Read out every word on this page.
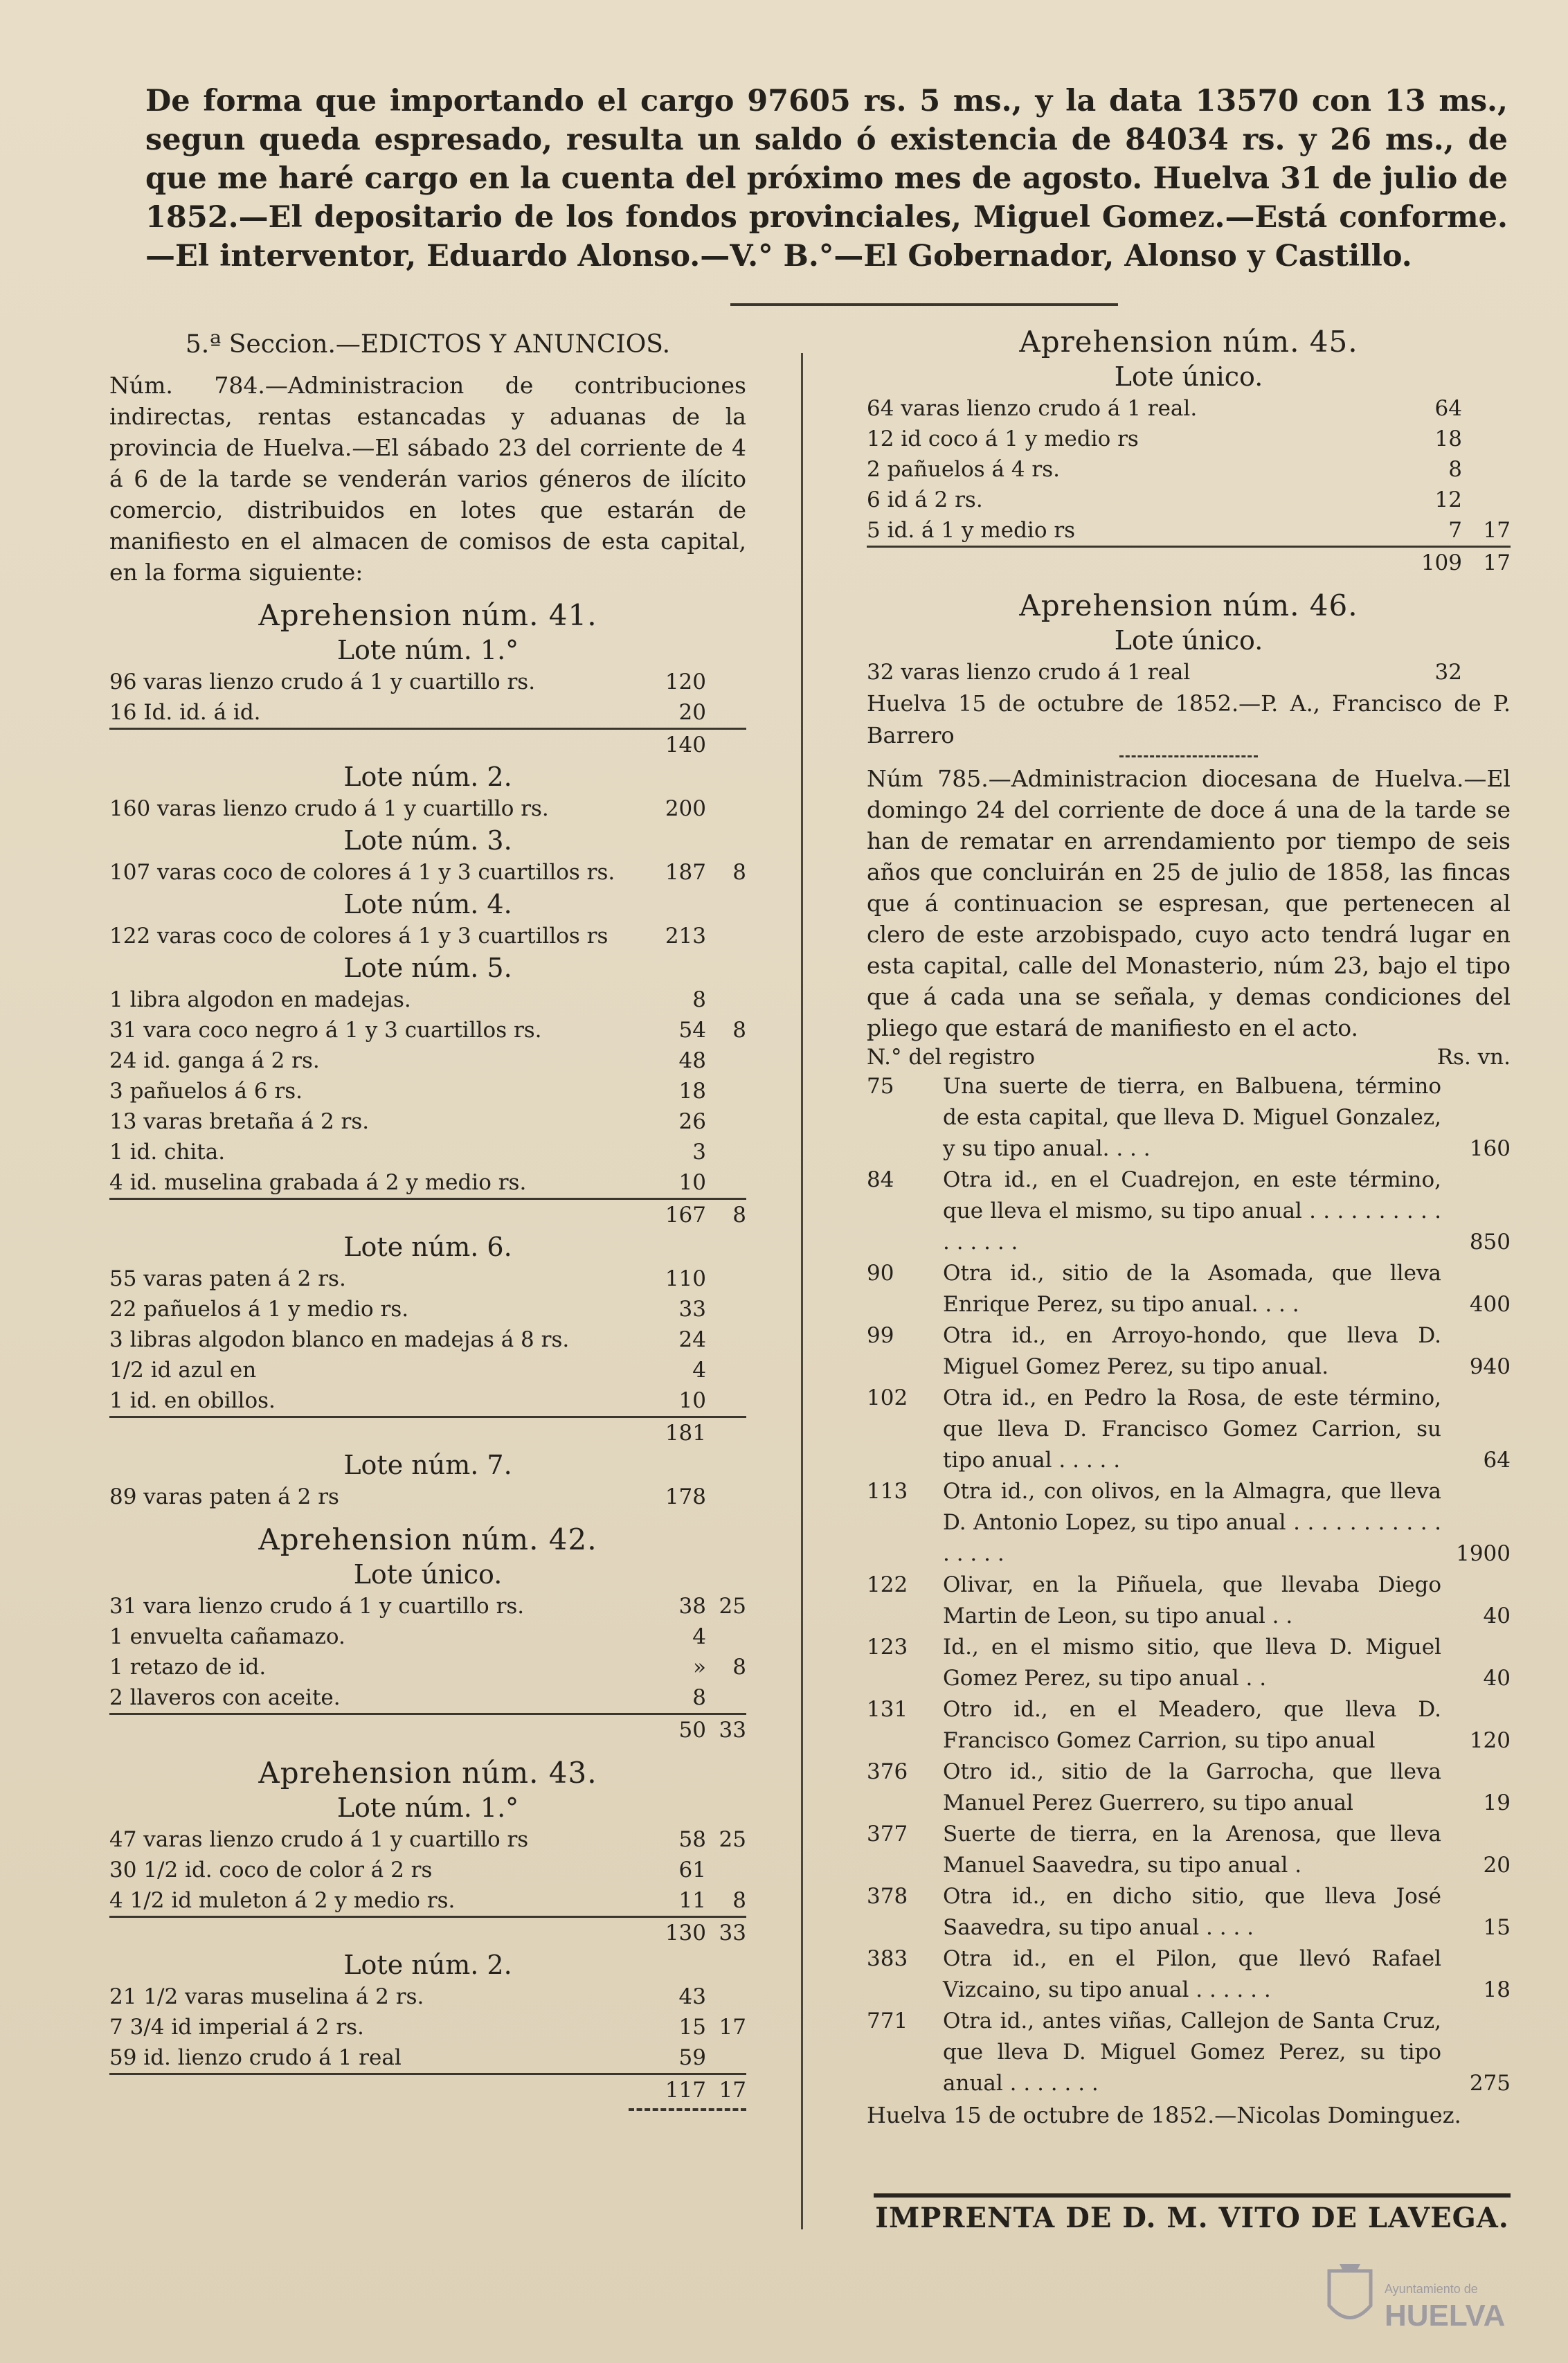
De forma que importando el cargo 97605 rs. 5 ms., y la data 13570 con 13 ms., segun queda espresado, resulta un saldo ó existencia de 84034 rs. y 26 ms., de que me haré cargo en la cuenta del próximo mes de agosto. Huelva 31 de julio de 1852.—El depositario de los fondos provinciales, Miguel Gomez.—Está conforme.—El interventor, Eduardo Alonso.—V.° B.°—El Gobernador, Alonso y Castillo.

5.ª Seccion.—EDICTOS Y ANUNCIOS.

Núm. 784.—Administracion de contribuciones indirectas, rentas estancadas y aduanas de la provincia de Huelva.—El sábado 23 del corriente de 4 á 6 de la tarde se venderán varios géneros de ilícito comercio, distribuidos en lotes que estarán de manifiesto en el almacen de comisos de esta capital, en la forma siguiente:

Aprehension núm. 41.
Lote núm. 1.°
96 varas lienzo crudo á 1 y cuartillo rs.	120
16 Id. id. á id.	20
140
Lote núm. 2.
160 varas lienzo crudo á 1 y cuartillo rs.	200
Lote núm. 3.
107 varas coco de colores á 1 y 3 cuartillos rs.	187	8
Lote núm. 4.
122 varas coco de colores á 1 y 3 cuartillos rs	213
Lote núm. 5.
1 libra algodon en madejas.	8
31 vara coco negro á 1 y 3 cuartillos rs.	54	8
24 id. ganga á 2 rs.	48
3 pañuelos á 6 rs.	18
13 varas bretaña á 2 rs.	26
1 id. chita.	3
4 id. muselina grabada á 2 y medio rs.	10
167	8
Lote núm. 6.
55 varas paten á 2 rs.	110
22 pañuelos á 1 y medio rs.	33
3 libras algodon blanco en madejas á 8 rs.	24
1/2 id azul en	4
1 id. en obillos.	10
181
Lote núm. 7.
89 varas paten á 2 rs	178
Aprehension núm. 42.
Lote único.
31 vara lienzo crudo á 1 y cuartillo rs.	38 25
1 envuelta cañamazo.	4
1 retazo de id.	»	8
2 llaveros con aceite.	8
50 33
Aprehension núm. 43.
Lote núm. 1.°
47 varas lienzo crudo á 1 y cuartillo rs	58 25
30 1/2 id. coco de color á 2 rs	61
4 1/2 id muleton á 2 y medio rs.	11	8
130 33
Lote núm. 2.
21 1/2 varas muselina á 2 rs.	43
7 3/4 id imperial á 2 rs.	15 17
59 id. lienzo crudo á 1 real	59
117 17
Aprehension núm. 45.
Lote único.
64 varas lienzo crudo á 1 real.	64
12 id coco á 1 y medio rs	18
2 pañuelos á 4 rs.	8
6 id á 2 rs.	12
5 id. á 1 y medio rs	7 17
109 17
Aprehension núm. 46.
Lote único.
32 varas lienzo crudo á 1 real	32

Huelva 15 de octubre de 1852.—P. A., Francisco de P. Barrero

Núm 785.—Administracion diocesana de Huelva.—El domingo 24 del corriente de doce á una de la tarde se han de rematar en arrendamiento por tiempo de seis años que concluirán en 25 de julio de 1858, las fincas que á continuacion se espresan, que pertenecen al clero de este arzobispado, cuyo acto tendrá lugar en esta capital, calle del Monasterio, núm 23, bajo el tipo que á cada una se señala, y demas condiciones del pliego que estará de manifiesto en el acto.

N.° del registro	Rs. vn.
75	Una suerte de tierra, en Balbuena, término de esta capital, que lleva D. Miguel Gonzalez, y su tipo anual. . . .	160
84	Otra id., en el Cuadrejon, en este término, que lleva el mismo, su tipo anual . . . . . . . . . . . . . . . .	850
90	Otra id., sitio de la Asomada, que lleva Enrique Perez, su tipo anual. . . .	400
99	Otra id., en Arroyo-hondo, que lleva D. Miguel Gomez Perez, su tipo anual.	940
102	Otra id., en Pedro la Rosa, de este término, que lleva D. Francisco Gomez Carrion, su tipo anual . . . . .	64
113	Otra id., con olivos, en la Almagra, que lleva D. Antonio Lopez, su tipo anual . . . . . . . . . . . . . . . .	1900
122	Olivar, en la Piñuela, que llevaba Diego Martin de Leon, su tipo anual . .	40
123	Id., en el mismo sitio, que lleva D. Miguel Gomez Perez, su tipo anual . .	40
131	Otro id., en el Meadero, que lleva D. Francisco Gomez Carrion, su tipo anual	120
376	Otro id., sitio de la Garrocha, que lleva Manuel Perez Guerrero, su tipo anual	19
377	Suerte de tierra, en la Arenosa, que lleva Manuel Saavedra, su tipo anual .	20
378	Otra id., en dicho sitio, que lleva José Saavedra, su tipo anual . . . .	15
383	Otra id., en el Pilon, que llevó Rafael Vizcaino, su tipo anual . . . . . .	18
771	Otra id., antes viñas, Callejon de Santa Cruz, que lleva D. Miguel Gomez Perez, su tipo anual . . . . . . .	275

Huelva 15 de octubre de 1852.—Nicolas Dominguez.

IMPRENTA DE D. M. VITO DE LAVEGA.
Ayuntamiento de
HUELVA
